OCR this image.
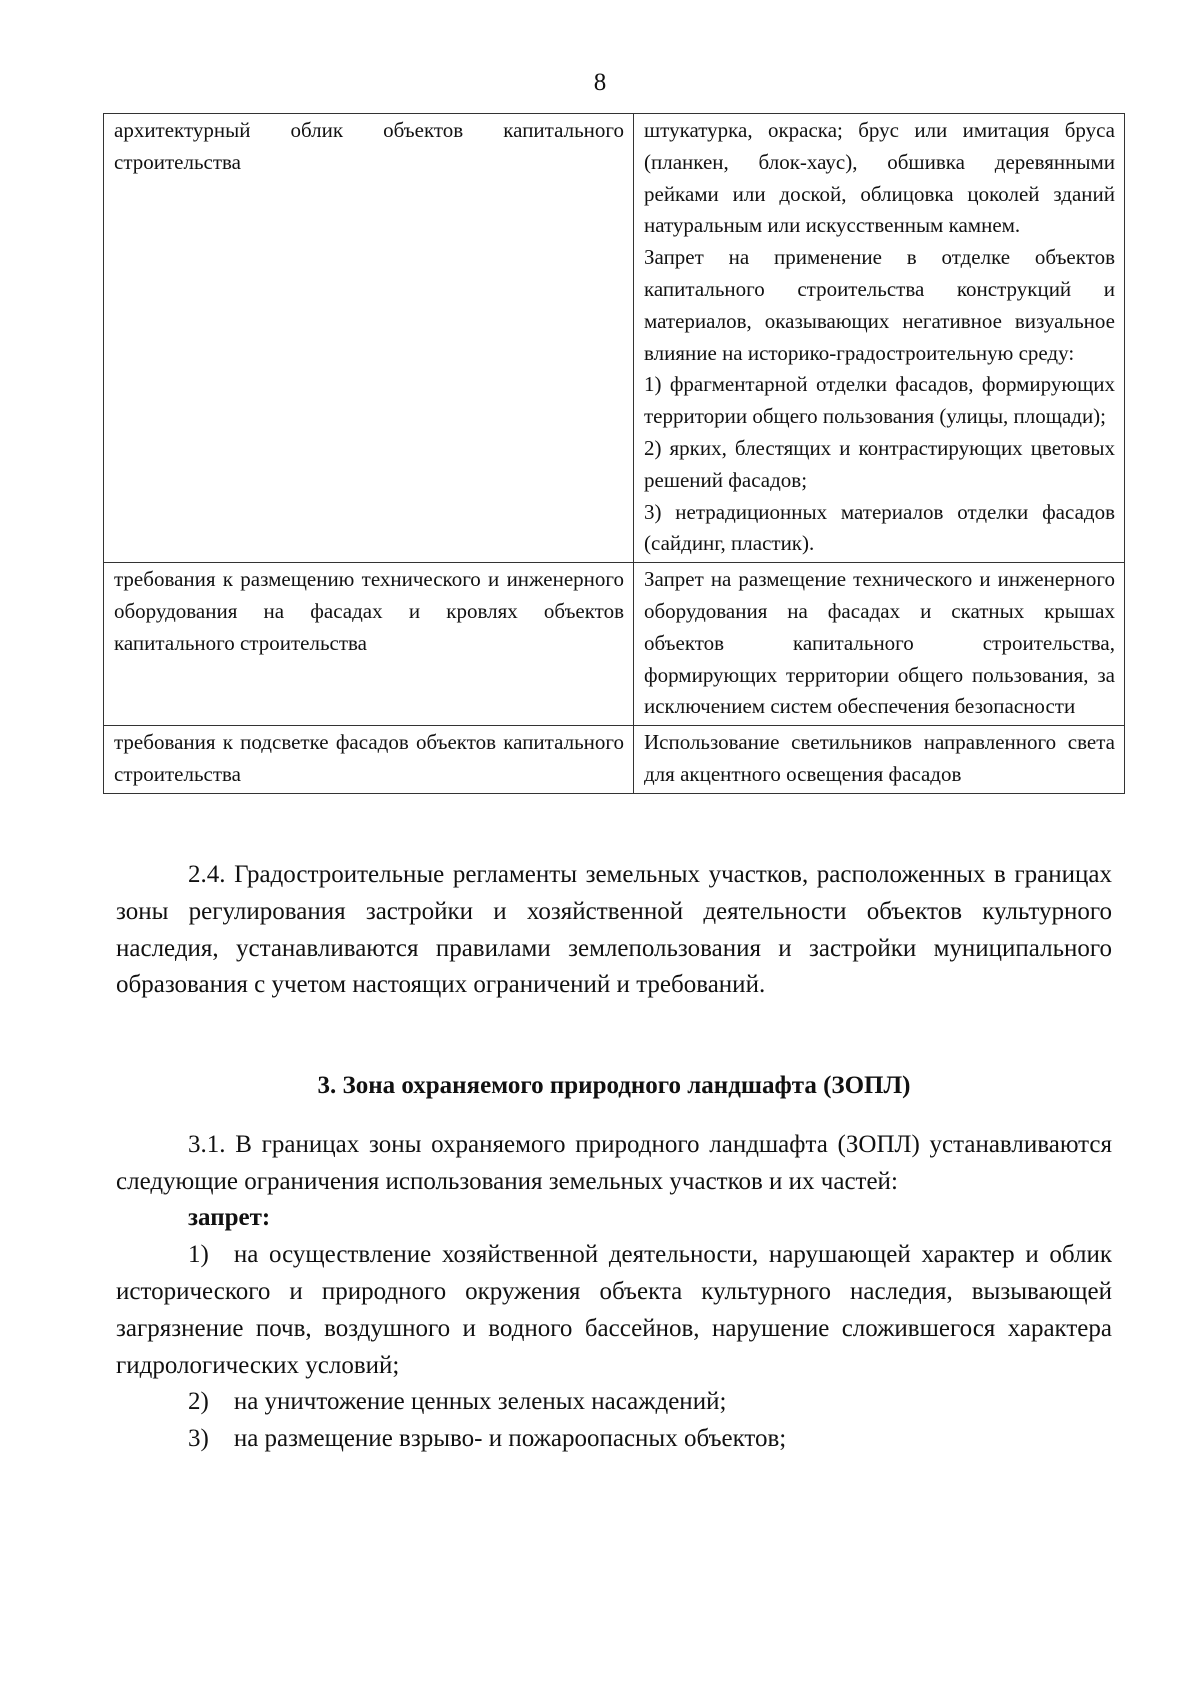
8
архитектурный облик объектов капитального строительства	штукатурка, окраска; брус или имитация бруса (планкен, блок-хаус), обшивка деревянными рейками или доской, облицовка цоколей зданий натуральным или искусственным камнем.

Запрет на применение в отделке объектов капитального строительства конструкций и материалов, оказывающих негативное визуальное влияние на историко-градостроительную среду:

1) фрагментарной отделки фасадов, формирующих территории общего пользования (улицы, площади);

2) ярких, блестящих и контрастирующих цветовых решений фасадов;

3) нетрадиционных материалов отделки фасадов (сайдинг, пластик).

требования к размещению технического и инженерного оборудования на фасадах и кровлях объектов капитального строительства	Запрет на размещение технического и инженерного оборудования на фасадах и скатных крышах объектов капитального строительства, формирующих территории общего пользования, за исключением систем обеспечения безопасности

требования к подсветке фасадов объектов капитального строительства	Использование светильников направленного света для акцентного освещения фасадов

2.4. Градостроительные регламенты земельных участков, расположенных в границах зоны регулирования застройки и хозяйственной деятельности объектов культурного наследия, устанавливаются правилами землепользования и застройки муниципального образования с учетом настоящих ограничений и требований.

3. Зона охраняемого природного ландшафта (ЗОПЛ)

3.1. В границах зоны охраняемого природного ландшафта (ЗОПЛ) устанавливаются следующие ограничения использования земельных участков и их частей:

запрет:

1) на осуществление хозяйственной деятельности, нарушающей характер и облик исторического и природного окружения объекта культурного наследия, вызывающей загрязнение почв, воздушного и водного бассейнов, нарушение сложившегося характера гидрологических условий;

2) на уничтожение ценных зеленых насаждений;

3) на размещение взрыво- и пожароопасных объектов;
